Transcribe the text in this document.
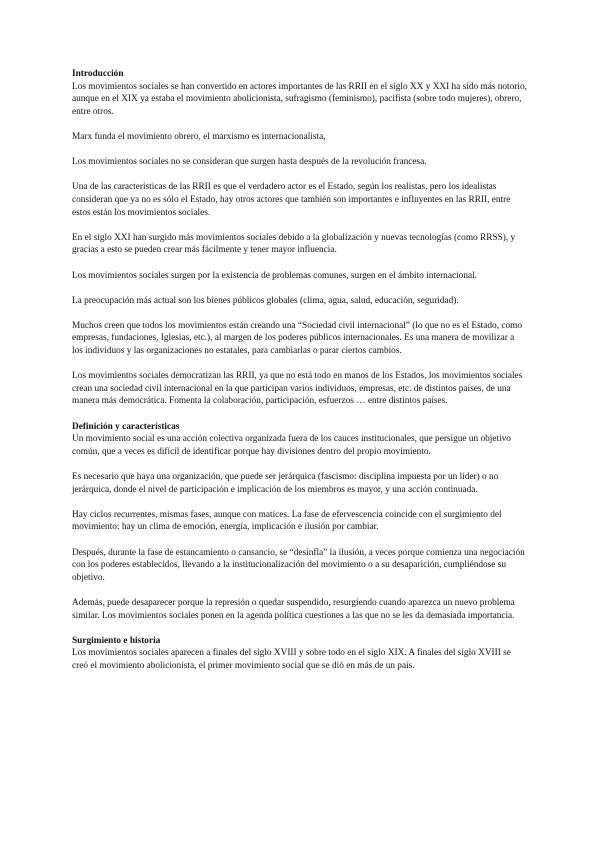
Introducción

Los movimientos sociales se han convertido en actores importantes de las RRII en el siglo XX y XXI ha sido más notorio, aunque en el XIX ya estaba el movimiento abolicionista, sufragismo (feminismo), pacifista (sobre todo mujeres), obrero, entre otros.

Marx funda el movimiento obrero, el marxismo es internacionalista,

Los movimientos sociales no se consideran que surgen hasta después de la revolución francesa.

Una de las características de las RRII es que el verdadero actor es el Estado, según los realistas, pero los idealistas consideran que ya no es sólo el Estado, hay otros actores que también son importantes e influyentes en las RRII, entre estos están los movimientos sociales.

En el siglo XXI han surgido más movimientos sociales debido a la globalización y nuevas tecnologías (como RRSS), y gracias a esto se pueden crear más fácilmente y tener mayor influencia.

Los movimientos sociales surgen por la existencia de problemas comunes, surgen en el ámbito internacional.

La preocupación más actual son los bienes públicos globales (clima, agua, salud, educación, seguridad).

Muchos creen que todos los movimientos están creando una “Sociedad civil internacional” (lo que no es el Estado, como empresas, fundaciones, Iglesias, etc.), al margen de los poderes públicos internacionales. Es una manera de movilizar a los individuos y las organizaciones no estatales, para cambiarlas o parar ciertos cambios.

Los movimientos sociales democratizan las RRII, ya que no está todo en manos de los Estados, los movimientos sociales crean una sociedad civil internacional en la que participan varios individuos, empresas, etc. de distintos países, de una manera más democrática. Fomenta la colaboración, participación, esfuerzos … entre distintos países.

Definición y características

Un movimiento social es una acción colectiva organizada fuera de los cauces institucionales, que persigue un objetivo común, que a veces es difícil de identificar porque hay divisiones dentro del propio movimiento.

Es necesario que haya una organización, que puede ser jerárquica (fascismo: disciplina impuesta por un líder) o no jerárquica, donde el nivel de participación e implicación de los miembros es mayor, y una acción continuada.

Hay ciclos recurrentes, mismas fases, aunque con matices. La fase de efervescencia coincide con el surgimiento del movimiento: hay un clima de emoción, energía, implicación e ilusión por cambiar.

Después, durante la fase de estancamiento o cansancio, se “desinfla” la ilusión, a veces porque comienza una negociación con los poderes establecidos, llevando a la institucionalización del movimiento o a su desaparición, cumpliéndose su objetivo.

Además, puede desaparecer porque la represión o quedar suspendido, resurgiendo cuando aparezca un nuevo problema similar. Los movimientos sociales ponen en la agenda política cuestiones a las que no se les da demasiada importancia.

Surgimiento e historia

Los movimientos sociales aparecen a finales del siglo XVIII y sobre todo en el siglo XIX. A finales del siglo XVIII se creó el movimiento abolicionista, el primer movimiento social que se dió en más de un país.
